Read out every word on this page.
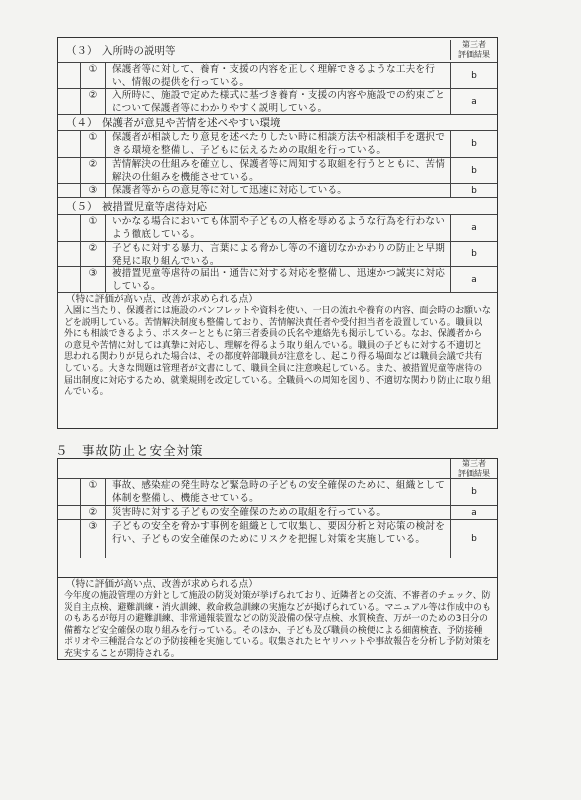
（３） 入所時の説明等	第三者
評価結果
①	保護者等に対して、養育・支援の内容を正しく理解できるような工夫を行い、情報の提供を行っている。
b
②	入所時に、施設で定めた様式に基づき養育・支援の内容や施設での約束ごとについて保護者等にわかりやすく説明している。
a
（４） 保護者が意見や苦情を述べやすい環境
①	保護者が相談したり意見を述べたりしたい時に相談方法や相談相手を選択できる環境を整備し、子どもに伝えるための取組を行っている。
b
②	苦情解決の仕組みを確立し、保護者等に周知する取組を行うとともに、苦情解決の仕組みを機能させている。
b
③	保護者等からの意見等に対して迅速に対応している。	b
（５） 被措置児童等虐待対応
①	いかなる場合においても体罰や子どもの人格を辱めるような行為を行わないよう徹底している。
a
②	子どもに対する暴力、言葉による脅かし等の不適切なかかわりの防止と早期発見に取り組んでいる。
b
③	被措置児童等虐待の届出・通告に対する対応を整備し、迅速かつ誠実に対応している。
a
（特に評価が高い点、改善が求められる点）
入園に当たり、保護者には施設のパンフレットや資料を使い、一日の流れや養育の内容、面会時のお願いなどを説明している。苦情解決制度も整備しており、苦情解決責任者や受付担当者を設置している。職員以外にも相談できるよう、ポスターとともに第三者委員の氏名や連絡先も掲示している。なお、保護者からの意見や苦情に対しては真摯に対応し、理解を得るよう取り組んでいる。職員の子どもに対する不適切と思われる関わりが見られた場合は、その都度幹部職員が注意をし、起こり得る場面などは職員会議で共有している。大きな問題は管理者が文書にして、職員全員に注意喚起している。また、被措置児童等虐待の届出制度に対応するため、就業規則を改定している。全職員への周知を図り、不適切な関わり防止に取り組んでいる。
５　事故防止と安全対策
第三者
評価結果
①	事故、感染症の発生時など緊急時の子どもの安全確保のために、組織として体制を整備し、機能させている。
b
②	災害時に対する子どもの安全確保のための取組を行っている。	a
③	子どもの安全を脅かす事例を組織として収集し、要因分析と対応策の検討を行い、子どもの安全確保のためにリスクを把握し対策を実施している。	b
（特に評価が高い点、改善が求められる点）
今年度の施設管理の方針として施設の防災対策が挙げられており、近隣者との交流、不審者のチェック、防災自主点検、避難訓練・消火訓練、救命救急訓練の実施などが掲げられている。マニュアル等は作成中のものもあるが毎月の避難訓練、非常通報装置などの防災設備の保守点検、水質検査、万が一のための3日分の備蓄など安全確保の取り組みを行っている。そのほか、子ども及び職員の検便による細菌検査、予防接種ポリオや三種混合などの予防接種を実施している。収集されたヒヤリハットや事故報告を分析し予防対策を充実することが期待される。
